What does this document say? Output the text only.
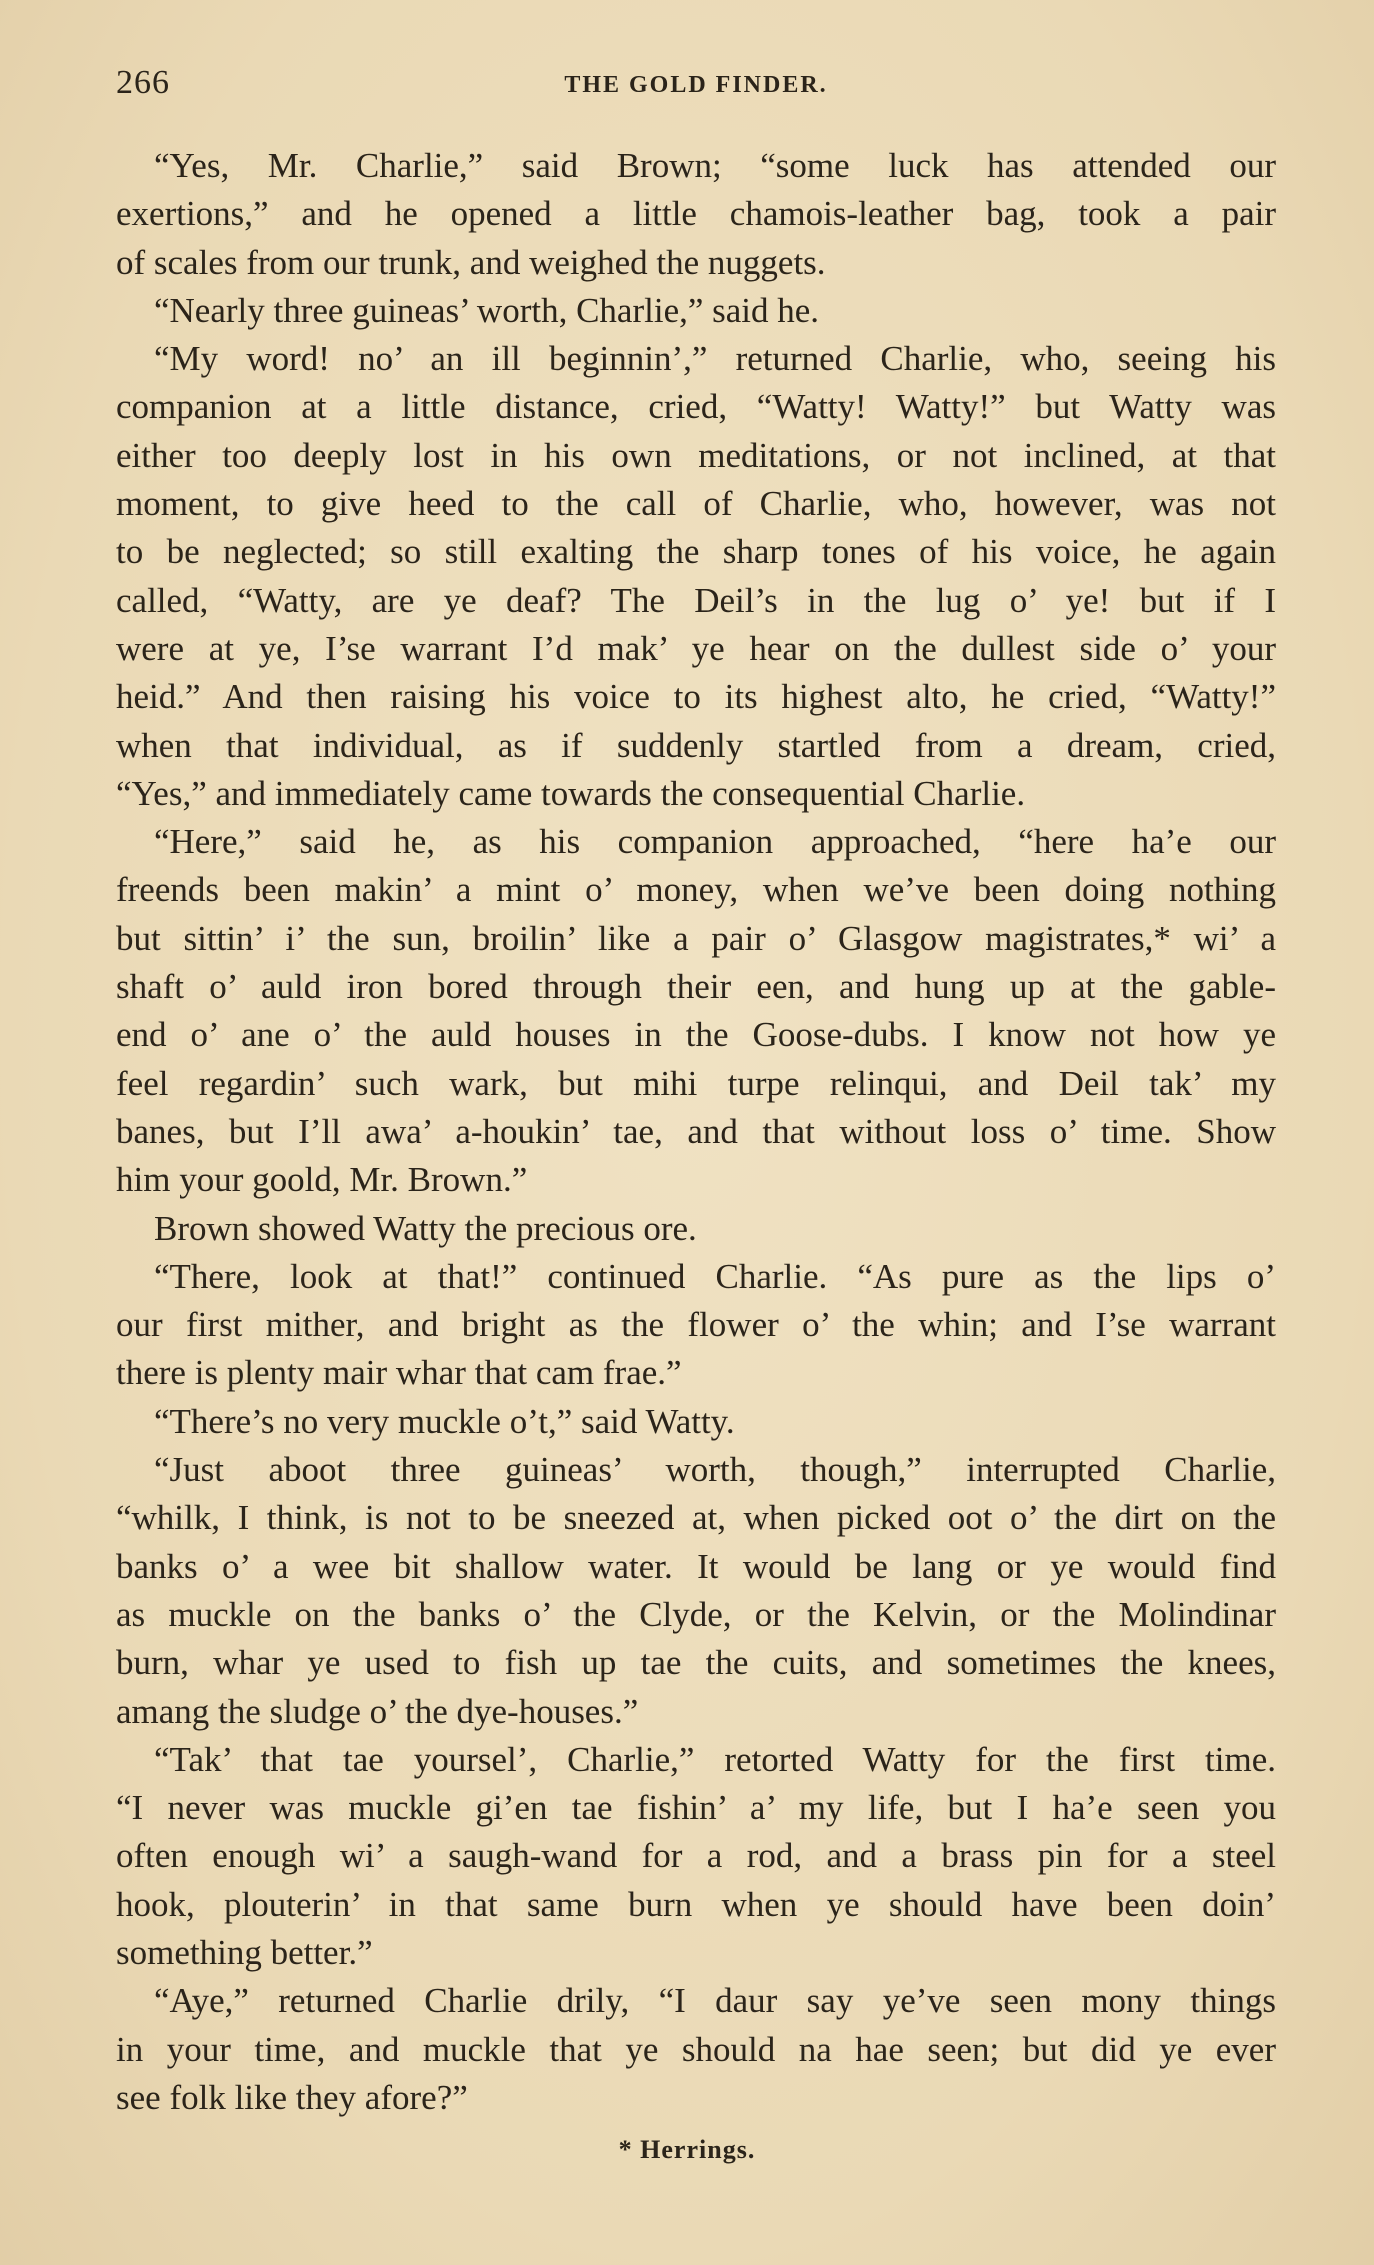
266	THE GOLD FINDER.
“Yes, Mr. Charlie,” said Brown; “some luck has attended our
exertions,” and he opened a little chamois-leather bag, took a pair
of scales from our trunk, and weighed the nuggets.
“Nearly three guineas’ worth, Charlie,” said he.
“My word! no’ an ill beginnin’,” returned Charlie, who, seeing his
companion at a little distance, cried, “Watty! Watty!” but Watty was
either too deeply lost in his own meditations, or not inclined, at that
moment, to give heed to the call of Charlie, who, however, was not
to be neglected; so still exalting the sharp tones of his voice, he again
called, “Watty, are ye deaf? The Deil’s in the lug o’ ye! but if I
were at ye, I’se warrant I’d mak’ ye hear on the dullest side o’ your
heid.” And then raising his voice to its highest alto, he cried, “Watty!”
when that individual, as if suddenly startled from a dream, cried,
“Yes,” and immediately came towards the consequential Charlie.
“Here,” said he, as his companion approached, “here ha’e our
freends been makin’ a mint o’ money, when we’ve been doing nothing
but sittin’ i’ the sun, broilin’ like a pair o’ Glasgow magistrates,* wi’ a
shaft o’ auld iron bored through their een, and hung up at the gable-
end o’ ane o’ the auld houses in the Goose-dubs. I know not how ye
feel regardin’ such wark, but mihi turpe relinqui, and Deil tak’ my
banes, but I’ll awa’ a-houkin’ tae, and that without loss o’ time. Show
him your goold, Mr. Brown.”
Brown showed Watty the precious ore.
“There, look at that!” continued Charlie. “As pure as the lips o’
our first mither, and bright as the flower o’ the whin; and I’se warrant
there is plenty mair whar that cam frae.”
“There’s no very muckle o’t,” said Watty.
“Just aboot three guineas’ worth, though,” interrupted Charlie,
“whilk, I think, is not to be sneezed at, when picked oot o’ the dirt on the
banks o’ a wee bit shallow water. It would be lang or ye would find
as muckle on the banks o’ the Clyde, or the Kelvin, or the Molindinar
burn, whar ye used to fish up tae the cuits, and sometimes the knees,
amang the sludge o’ the dye-houses.”
“Tak’ that tae yoursel’, Charlie,” retorted Watty for the first time.
“I never was muckle gi’en tae fishin’ a’ my life, but I ha’e seen you
often enough wi’ a saugh-wand for a rod, and a brass pin for a steel
hook, plouterin’ in that same burn when ye should have been doin’
something better.”
“Aye,” returned Charlie drily, “I daur say ye’ve seen mony things
in your time, and muckle that ye should na hae seen; but did ye ever
see folk like they afore?”
* Herrings.
